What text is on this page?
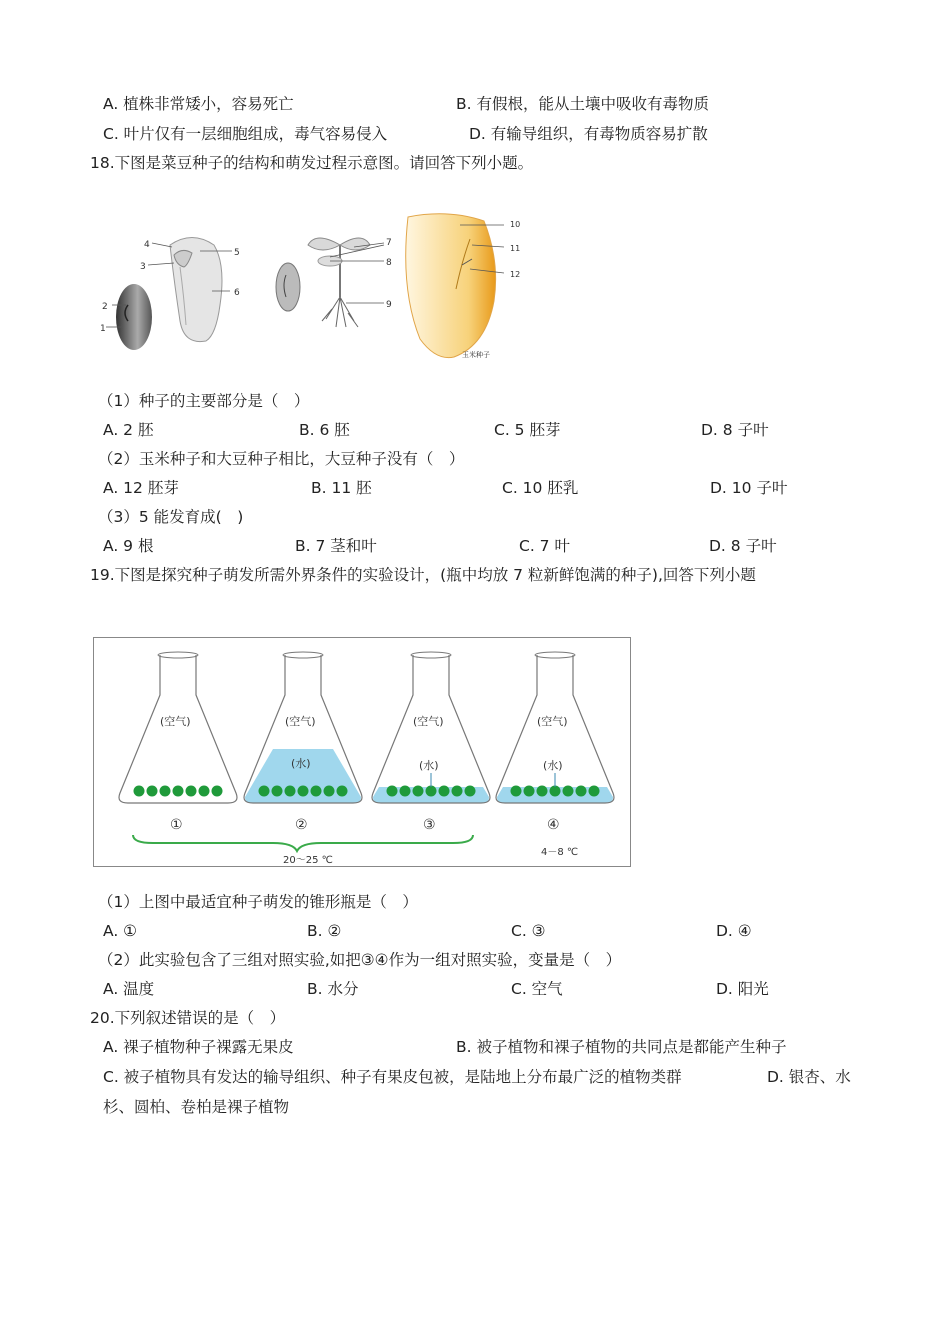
A. 植株非常矮小，容易死亡	B. 有假根，能从土壤中吸收有毒物质
C. 叶片仅有一层细胞组成，毒气容易侵入	D. 有输导组织，有毒物质容易扩散
18.下图是菜豆种子的结构和萌发过程示意图。请回答下列小题。
1
2
3
4
5
6
7
8
9
10
11
12
玉米种子
（1）种子的主要部分是（　）
A. 2 胚	B. 6 胚	C. 5 胚芽	D. 8 子叶
（2）玉米种子和大豆种子相比，大豆种子没有（　）
A. 12 胚芽	B. 11 胚	C. 10 胚乳	D. 10 子叶
（3）5 能发育成(　)
A. 9 根	B. 7 茎和叶	C. 7 叶	D. 8 子叶
19.下图是探究种子萌发所需外界条件的实验设计，(瓶中均放 7 粒新鲜饱满的种子),回答下列小题
(空气)
①
(空气)
(水)
②
(空气)
(水)
③
(空气)
(水)
④
20～25 ℃
4－8 ℃
（1）上图中最适宜种子萌发的锥形瓶是（　）
A. ①	B. ②	C. ③	D. ④
（2）此实验包含了三组对照实验,如把③④作为一组对照实验，变量是（　）
A. 温度	B. 水分	C. 空气	D. 阳光
20.下列叙述错误的是（　）
A. 裸子植物种子裸露无果皮	B. 被子植物和裸子植物的共同点是都能产生种子
C. 被子植物具有发达的输导组织、种子有果皮包被，是陆地上分布最广泛的植物类群	D. 银杏、水
杉、圆柏、卷柏是裸子植物
